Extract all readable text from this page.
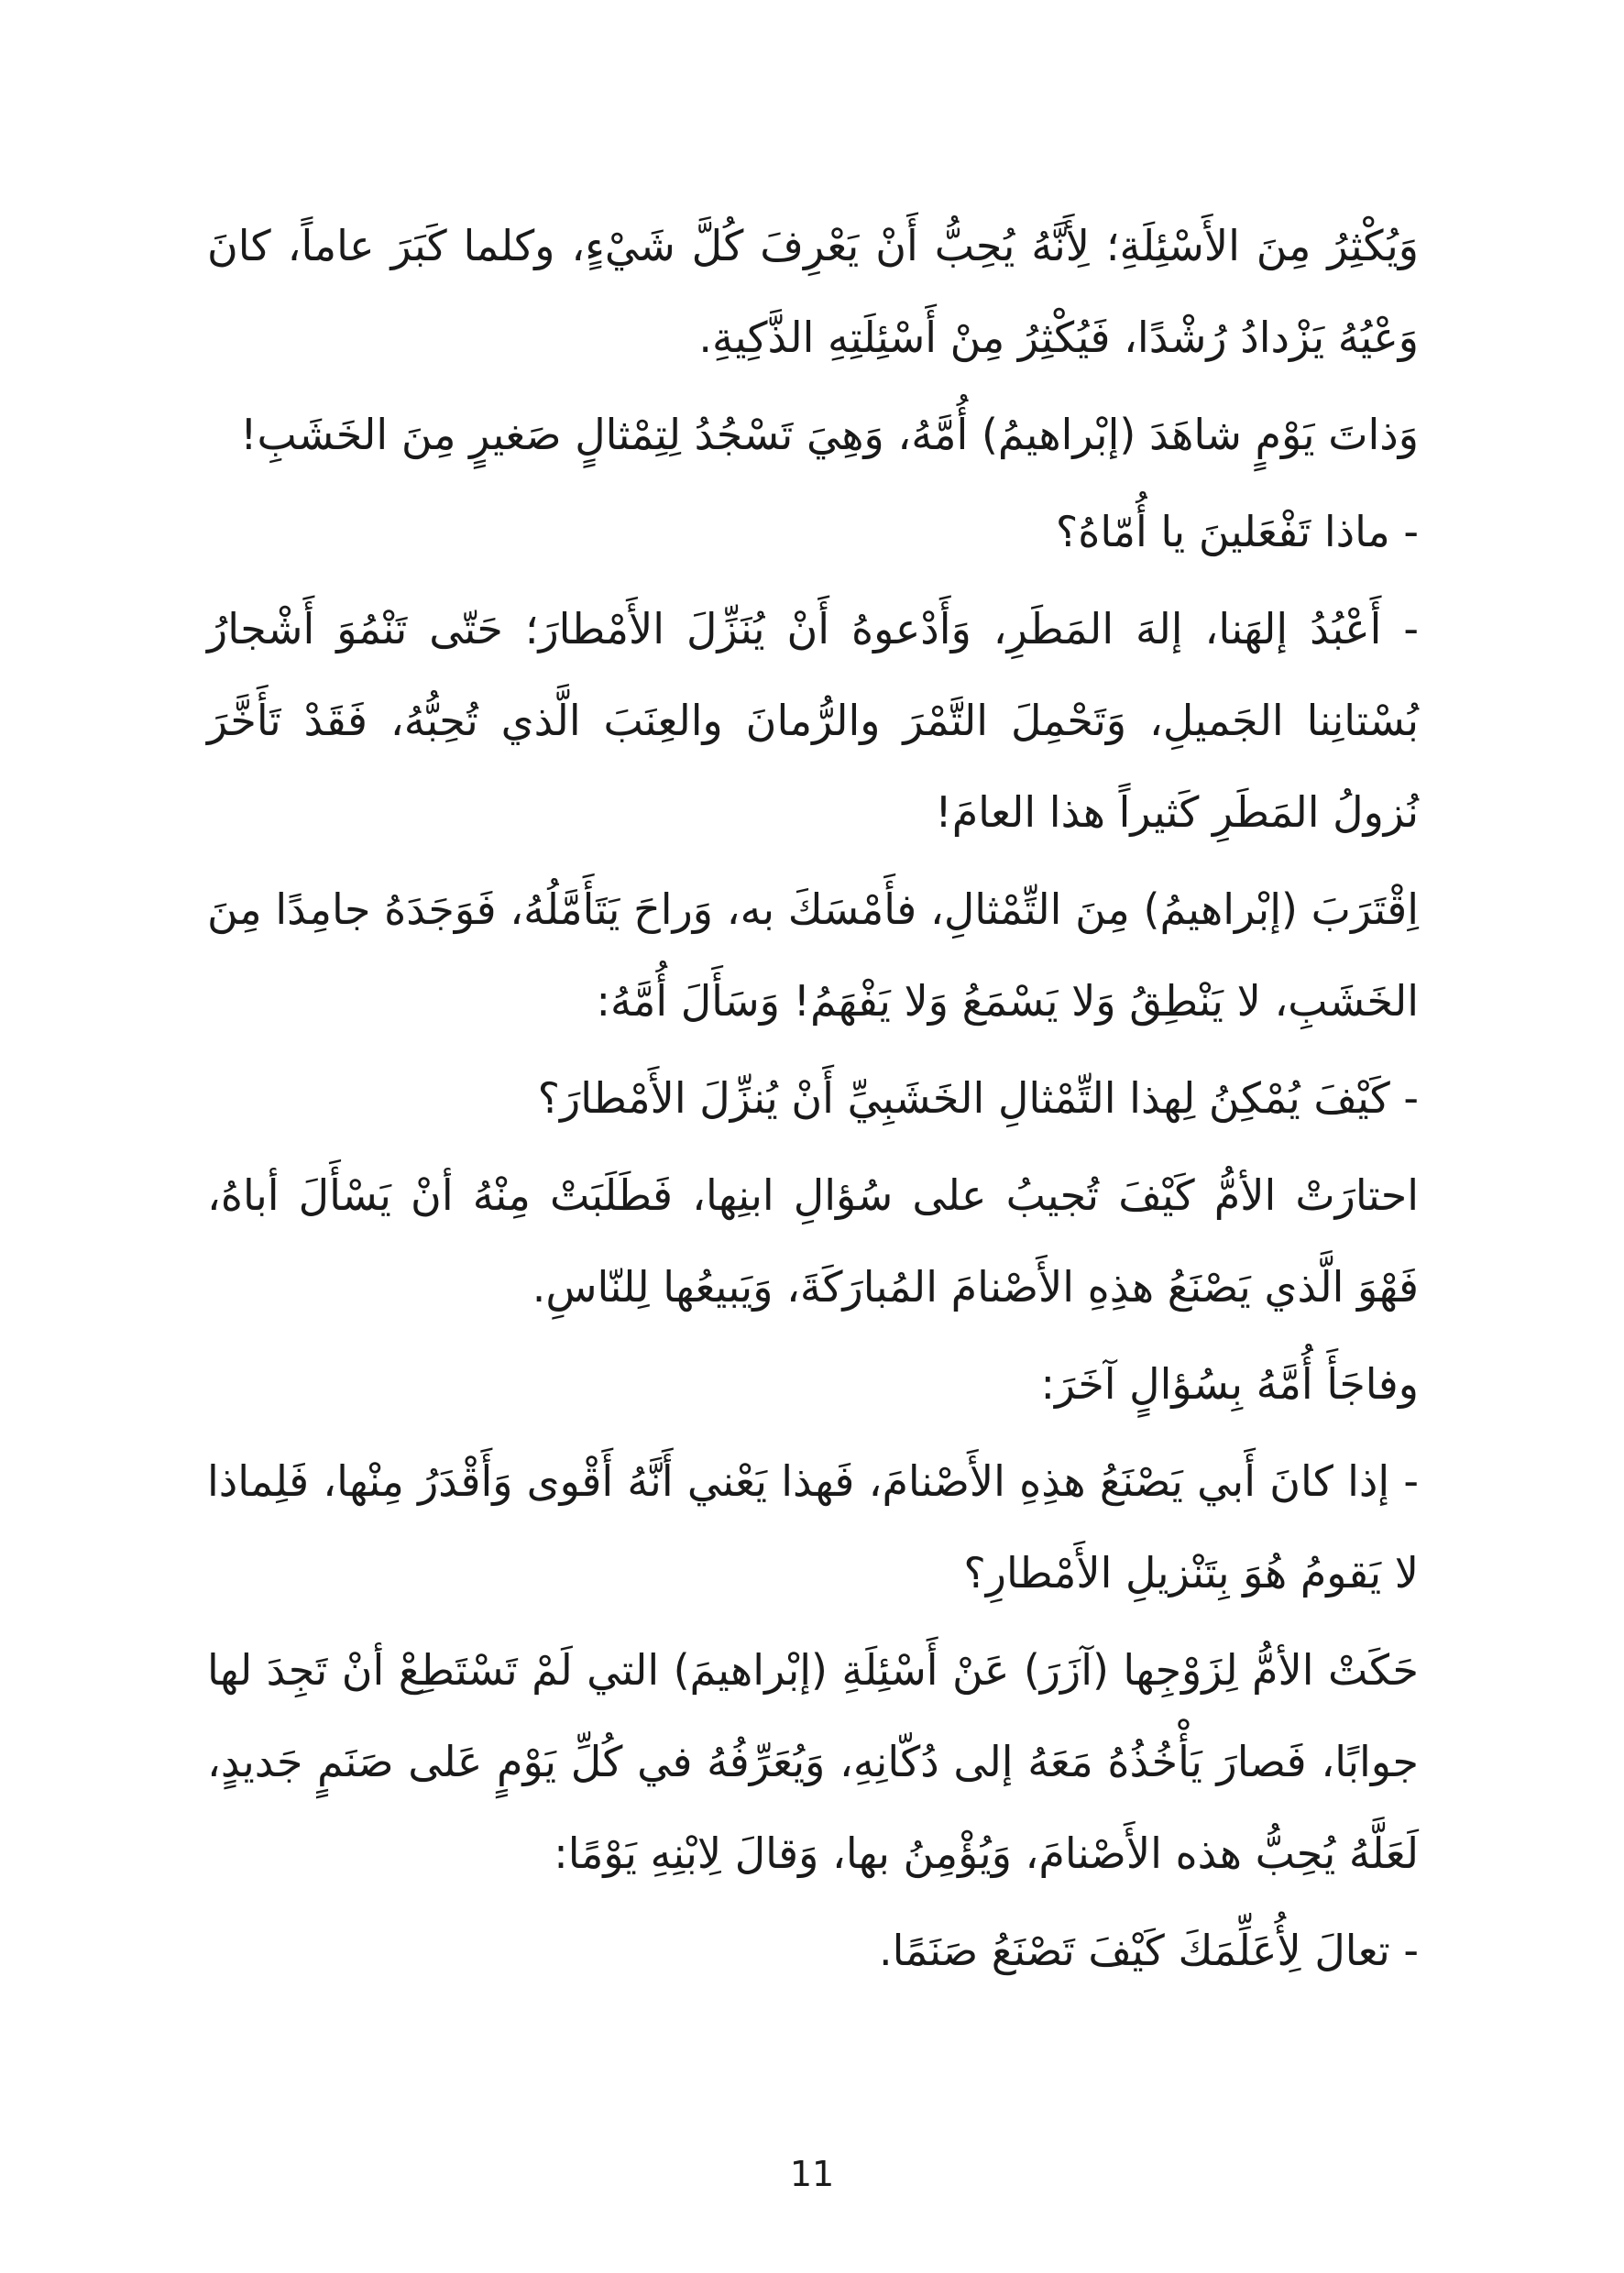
وَيُكْثِرُ مِنَ الأَسْئِلَةِ؛ لِأَنَّهُ يُحِبُّ أَنْ يَعْرِفَ كُلَّ شَيْءٍ، وكلما كَبَرَ عاماً، كانَ وَعْيُهُ يَزْدادُ رُشْدًا، فَيُكْثِرُ مِنْ أَسْئِلَتِهِ الذَّكِيةِ.

وَذاتَ يَوْمٍ شاهَدَ (إبْراهيمُ) أُمَّهُ، وَهِيَ تَسْجُدُ لِتِمْثالٍ صَغيرٍ مِنَ الخَشَبِ!

- ماذا تَفْعَلينَ يا أُمّاهُ؟

- أَعْبُدُ إلهَنا، إلهَ المَطَرِ، وَأَدْعوهُ أَنْ يُنَزِّلَ الأَمْطارَ؛ حَتّى تَنْمُوَ أَشْجارُ بُسْتانِنا الجَميلِ، وَتَحْمِلَ التَّمْرَ والرُّمانَ والعِنَبَ الَّذي تُحِبُّهُ، فَقَدْ تَأَخَّرَ نُزولُ المَطَرِ كَثيراً هذا العامَ!

اِقْتَرَبَ (إبْراهيمُ) مِنَ التِّمْثالِ، فأَمْسَكَ به، وَراحَ يَتَأَمَّلُهُ، فَوَجَدَهُ جامِدًا مِنَ الخَشَبِ، لا يَنْطِقُ وَلا يَسْمَعُ وَلا يَفْهَمُ! وَسَأَلَ أُمَّهُ:

- كَيْفَ يُمْكِنُ لِهذا التِّمْثالِ الخَشَبِيِّ أَنْ يُنزِّلَ الأَمْطارَ؟

احتارَتْ الأمُّ كَيْفَ تُجيبُ على سُؤالِ ابنِها، فَطَلَبَتْ مِنْهُ أنْ يَسْأَلَ أباهُ، فَهْوَ الَّذي يَصْنَعُ هذِهِ الأَصْنامَ المُبارَكَةَ، وَيَبيعُها لِلنّاسِ.

وفاجَأَ أُمَّهُ بِسُؤالٍ آخَرَ:

- إذا كانَ أَبي يَصْنَعُ هذِهِ الأَصْنامَ، فَهذا يَعْني أَنَّهُ أَقْوى وَأَقْدَرُ مِنْها، فَلِماذا لا يَقومُ هُوَ بِتَنْزيلِ الأَمْطارِ؟

حَكَتْ الأمُّ لِزَوْجِها (آزَرَ) عَنْ أَسْئِلَةِ (إبْراهيمَ) التي لَمْ تَسْتَطِعْ أنْ تَجِدَ لها جوابًا، فَصارَ يَأْخُذُهُ مَعَهُ إلى دُكّانِهِ، وَيُعَرِّفُهُ في كُلِّ يَوْمٍ عَلى صَنَمٍ جَديدٍ، لَعَلَّهُ يُحِبُّ هذه الأَصْنامَ، وَيُؤْمِنُ بها، وَقالَ لِابْنِهِ يَوْمًا:

- تعالَ لِأُعَلِّمَكَ كَيْفَ تَصْنَعُ صَنَمًا.

11
